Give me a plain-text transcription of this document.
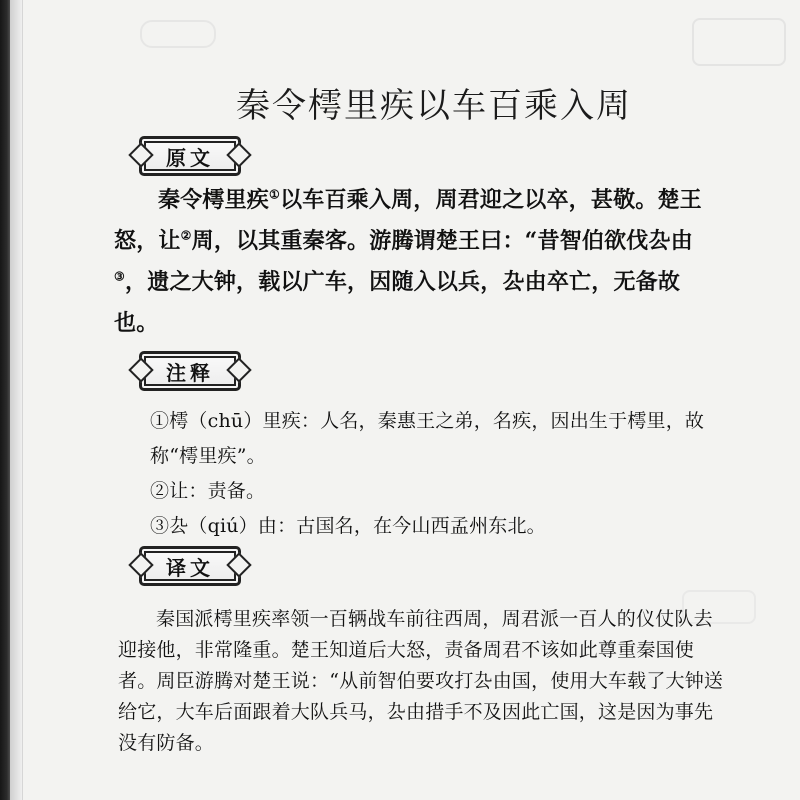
秦令樗里疾以车百乘入周
原文

秦令樗里疾①以车百乘入周，周君迎之以卒，甚敬。楚王怒，让②周，以其重秦客。游腾谓楚王曰：“昔智伯欲伐厹由③，遗之大钟，载以广车，因随入以兵，厹由卒亡，无备故也。

注释

①樗（chū）里疾：人名，秦惠王之弟，名疾，因出生于樗里，故称“樗里疾”。

②让：责备。

③厹（qiú）由：古国名，在今山西孟州东北。

译文

秦国派樗里疾率领一百辆战车前往西周，周君派一百人的仪仗队去迎接他，非常隆重。楚王知道后大怒，责备周君不该如此尊重秦国使者。周臣游腾对楚王说：“从前智伯要攻打厹由国，使用大车载了大钟送给它，大车后面跟着大队兵马，厹由措手不及因此亡国，这是因为事先没有防备。
